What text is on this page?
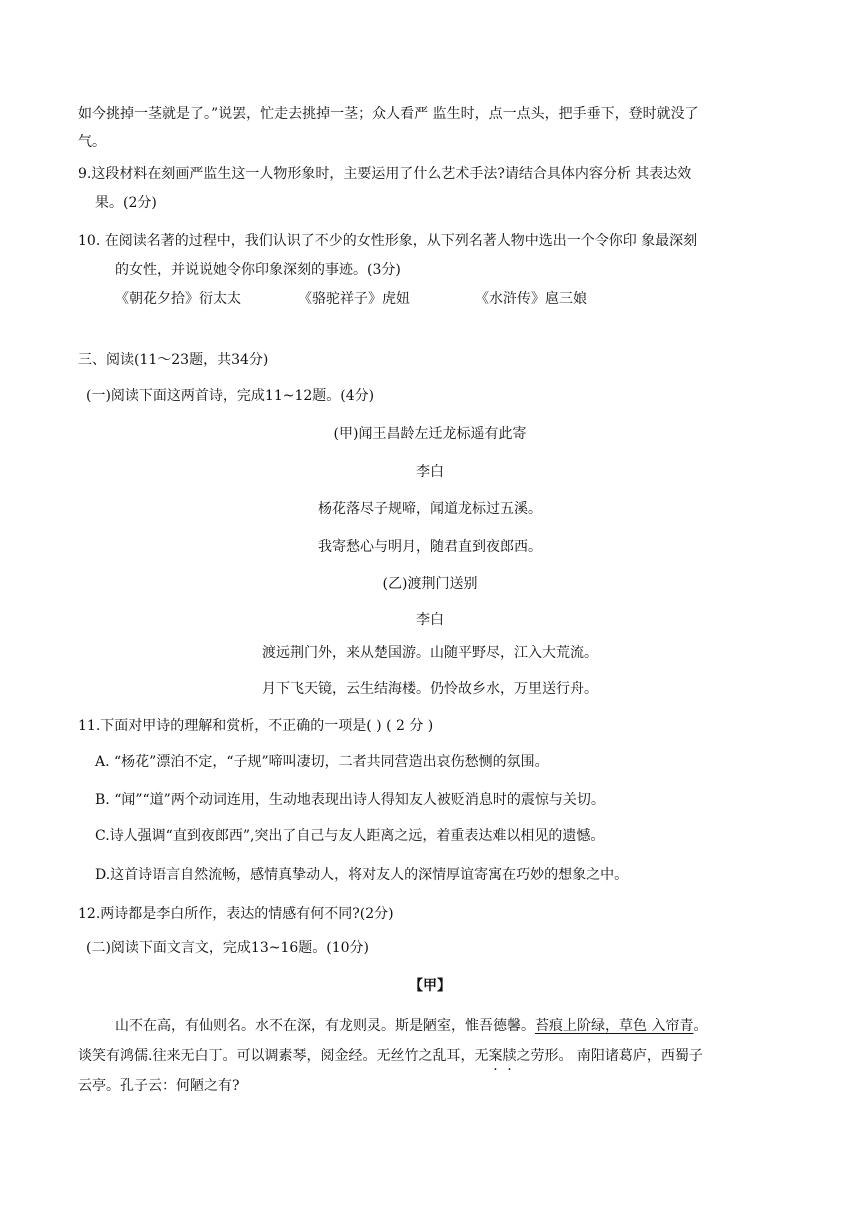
如今挑掉一茎就是了。”说罢，忙走去挑掉一茎；众人看严 监生时，点一点头，把手垂下，登时就没了
气。
9.这段材料在刻画严监生这一人物形象时，主要运用了什么艺术手法?请结合具体内容分析 其表达效
果。(2分)
10. 在阅读名著的过程中，我们认识了不少的女性形象，从下列名著人物中选出一个令你印 象最深刻
的女性，并说说她令你印象深刻的事迹。(3分)
《朝花夕拾》衍太太	《骆驼祥子》虎妞	《水浒传》扈三娘
三、阅读(11～23题，共34分)
(一)阅读下面这两首诗，完成11~12题。(4分)
(甲)闻王昌龄左迁龙标遥有此寄
李白
杨花落尽子规啼，闻道龙标过五溪。
我寄愁心与明月，随君直到夜郎西。
(乙)渡荆门送别
李白
渡远荆门外，来从楚国游。山随平野尽，江入大荒流。
月下飞天镜，云生结海楼。仍怜故乡水，万里送行舟。
11.下面对甲诗的理解和赏析，不正确的一项是( ) ( 2 分 )
A. “杨花”漂泊不定，“子规”啼叫凄切，二者共同营造出哀伤愁恻的氛围。
B. “闻”“道”两个动词连用，生动地表现出诗人得知友人被贬消息时的震惊与关切。
C.诗人强调“直到夜郎西”,突出了自己与友人距离之远，着重表达难以相见的遗憾。
D.这首诗语言自然流畅，感情真挚动人，将对友人的深情厚谊寄寓在巧妙的想象之中。
12.两诗都是李白所作，表达的情感有何不同?(2分)
(二)阅读下面文言文，完成13~16题。(10分)
【甲】
山不在高，有仙则名。水不在深，有龙则灵。斯是陋室，惟吾德馨。苔痕上阶绿，草色 入帘青。
谈笑有鸿儒.往来无白丁。可以调素琴，阅金经。无丝竹之乱耳，无案牍之劳形。 南阳诸葛庐，西蜀子
云亭。孔子云：何陋之有?
